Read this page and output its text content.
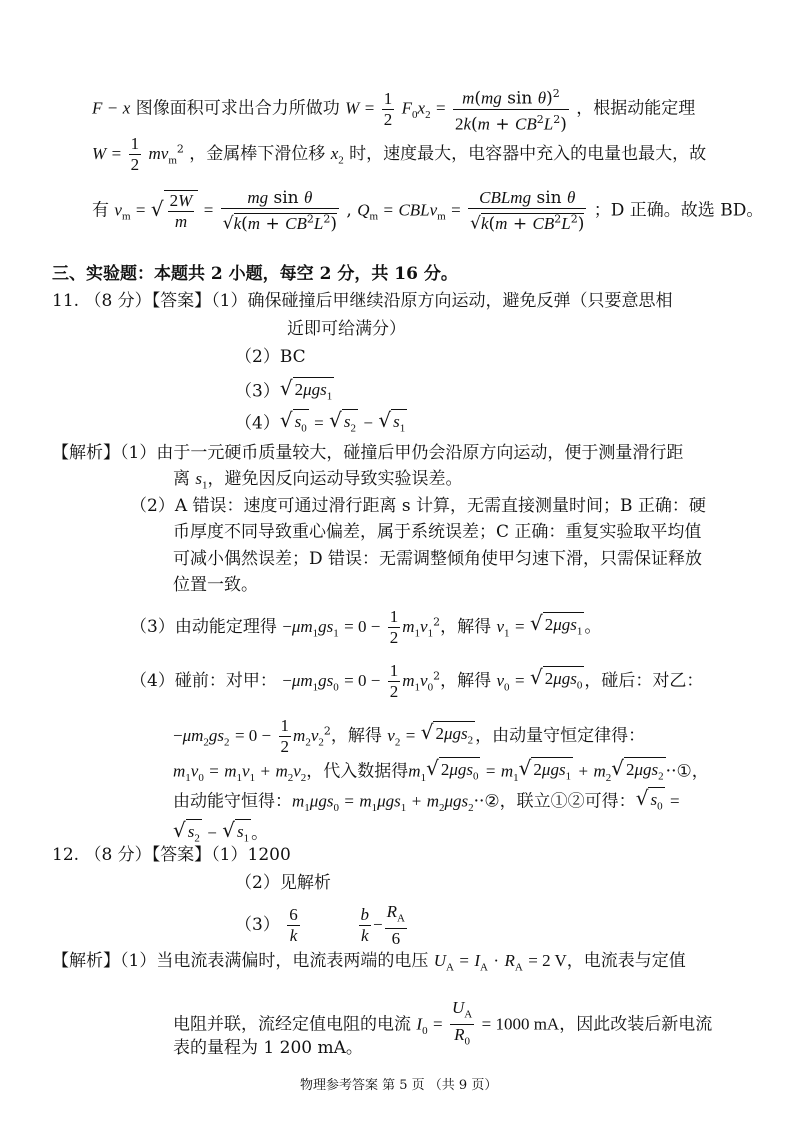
F − x 图像面积可求出合力所做功 $W = \frac{1}{2} F_0x_2 = \frac{m(mg \sin \theta)^2}{2k(m + CB^2L^2)}$ ，根据动能定理
$W = \frac{1}{2} mv_m^2$ ，金属棒下滑位移 $x_2$ 时，速度最大，电容器中充入的电量也最大，故
有 $v_m$ = √ $\frac{2W}{m} = \frac{\text{mg sin θ}}{√k(m + CB^2L^2)}$ , $Q_m$ = CBLv$_m$ = $\frac{\text{CBLmg sin θ}}{√k(m + CB^2L^2)}$ ；D 正确。故选 BD。
三、实验题：本题共 2 小题，每空 2 分，共 16 分。
11. （8 分）【答案】（1）确保碰撞后甲继续沿原方向运动，避免反弹（只要意思相
近即可给满分）
（2）BC
（3）√ 2μgs$_1$
（4）√ $s_0$ = √ $s_2$ − √ $s_1$
【解析】（1）由于一元硬币质量较大，碰撞后甲仍会沿原方向运动，便于测量滑行距
离 $s_1$，避免因反向运动导致实验误差。
（2）A 错误：速度可通过滑行距离 s 计算，无需直接测量时间；B 正确：硬
币厚度不同导致重心偏差，属于系统误差；C 正确：重复实验取平均值
可减小偶然误差；D 错误：无需调整倾角使甲匀速下滑，只需保证释放
位置一致。
（3）由动能定理得 $-\mu m_1gs_1 = 0 - \frac{1}{2} m_1v_1^2$，解得 $v_1$ = √ 2μgs$_1$ 。
（4）碰前：对甲： $-\mu m_1gs_0 = 0 - \frac{1}{2} m_1v_0^2$，解得 $v_0$ = √ 2μgs$_0$ ，碰后：对乙：
$-\mu m_2gs_2 = 0 - \frac{1}{2} m_2v_2^2$，解得 $v_2$ = √ 2μgs$_2$ ，由动量守恒定律得：
$m_1v_0 = m_1v_1 + m_2v_2$，代入数据得$m_1√$ $2\mu gs_0 = m_1√$ $2\mu gs_1 + m_2√$ 2μgs$_2$ ··①，
由动能守恒得：$m_1\mu gs_0 = m_1\mu gs_1$ + $m_2\mu gs_2\cdot\cdot ②$，联立①②可得：√ $s_0$ =
√ $s_2$ − √ $s_1$ 。
12. （8 分）【答案】（1）1200
（2）见解析
$(3) \frac{6}{k}$
	$\frac{b}{k} - \frac{R_A}{6}$
【解析】（1）当电流表满偏时，电流表两端的电压 $U_A = I_A \cdot R_A = 2$ V，电流表与定值
电阻并联，流经定值电阻的电流 $I_0 = \frac{U_A}{R_0} = 1000$ mA，因此改装后新电流
表的量程为 1 200 mA。
物理参考答案 第 5 页 （共 9 页）
